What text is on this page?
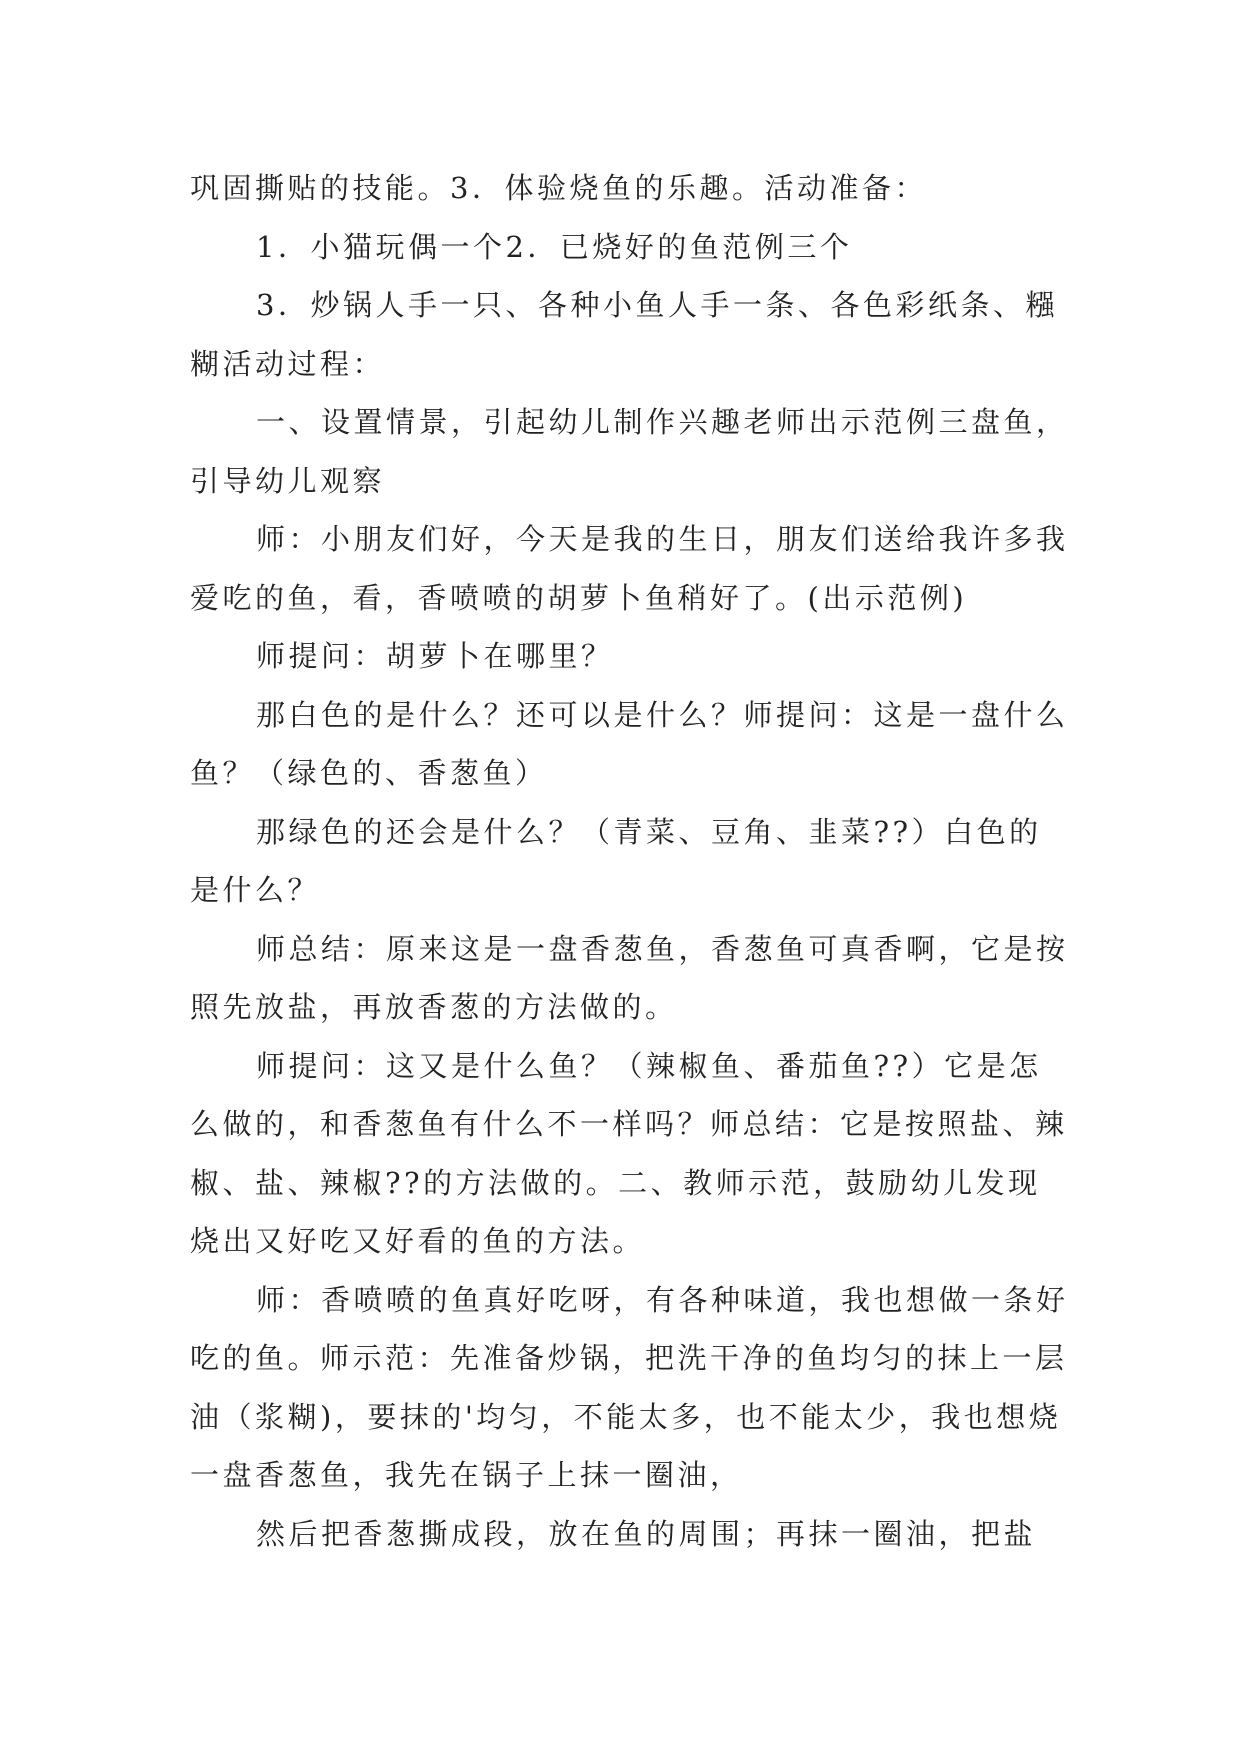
巩固撕贴的技能。3．体验烧鱼的乐趣。活动准备：

1．小猫玩偶一个2．已烧好的鱼范例三个

3．炒锅人手一只、各种小鱼人手一条、各色彩纸条、糨糊活动过程：

一、设置情景，引起幼儿制作兴趣老师出示范例三盘鱼，引导幼儿观察

师：小朋友们好，今天是我的生日，朋友们送给我许多我爱吃的鱼，看，香喷喷的胡萝卜鱼稍好了。(出示范例)

师提问：胡萝卜在哪里？

那白色的是什么？还可以是什么？师提问：这是一盘什么鱼？（绿色的、香葱鱼）

那绿色的还会是什么？（青菜、豆角、韭菜??）白色的是什么？

师总结：原来这是一盘香葱鱼，香葱鱼可真香啊，它是按照先放盐，再放香葱的方法做的。

师提问：这又是什么鱼？（辣椒鱼、番茄鱼??）它是怎么做的，和香葱鱼有什么不一样吗？师总结：它是按照盐、辣椒、盐、辣椒??的方法做的。二、教师示范，鼓励幼儿发现烧出又好吃又好看的鱼的方法。

师：香喷喷的鱼真好吃呀，有各种味道，我也想做一条好吃的鱼。师示范：先准备炒锅，把洗干净的鱼均匀的抹上一层油（浆糊)，要抹的'均匀，不能太多，也不能太少，我也想烧一盘香葱鱼，我先在锅子上抹一圈油，

然后把香葱撕成段，放在鱼的周围；再抹一圈油，把盐
